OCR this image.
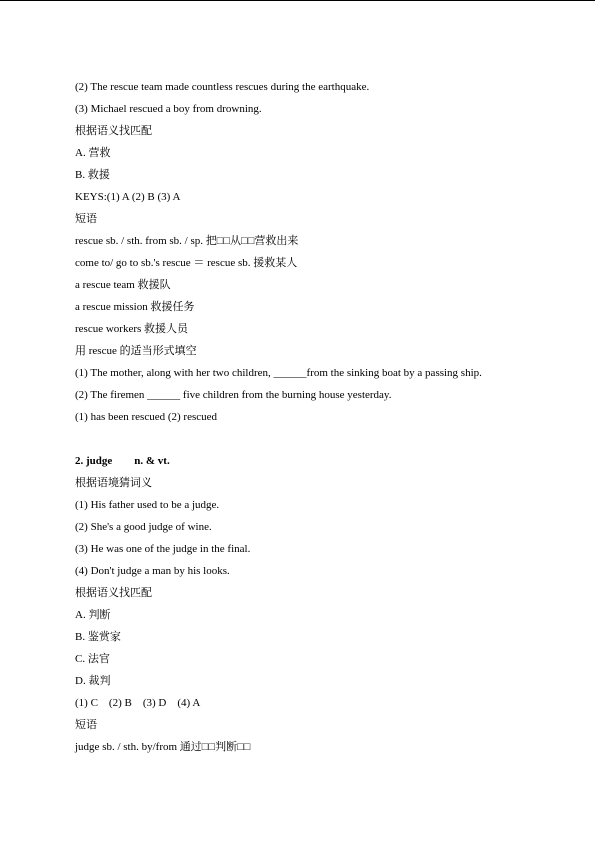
(2) The rescue team made countless rescues during the earthquake.
(3) Michael rescued a boy from drowning.
根据语义找匹配
A. 营救
B. 救援
KEYS:(1) A (2) B (3) A
短语
rescue sb. / sth. from sb. / sp. 把□□从□□营救出来
come to/ go to sb.'s rescue ＝ rescue sb. 援救某人
a rescue team 救援队
a rescue mission 救援任务
rescue workers 救援人员
用 rescue 的适当形式填空
(1) The mother, along with her two children, ______from the sinking boat by a passing ship.
(2) The firemen ______ five children from the burning house yesterday.
(1) has been rescued (2) rescued
2. judge        n. & vt.
根据语境猜词义
(1) His father used to be a judge.
(2) She's a good judge of wine.
(3) He was one of the judge in the final.
(4) Don't judge a man by his looks.
根据语义找匹配
A. 判断
B. 鉴赏家
C. 法官
D. 裁判
(1) C    (2) B    (3) D    (4) A
短语
judge sb. / sth. by/from 通过□□判断□□
